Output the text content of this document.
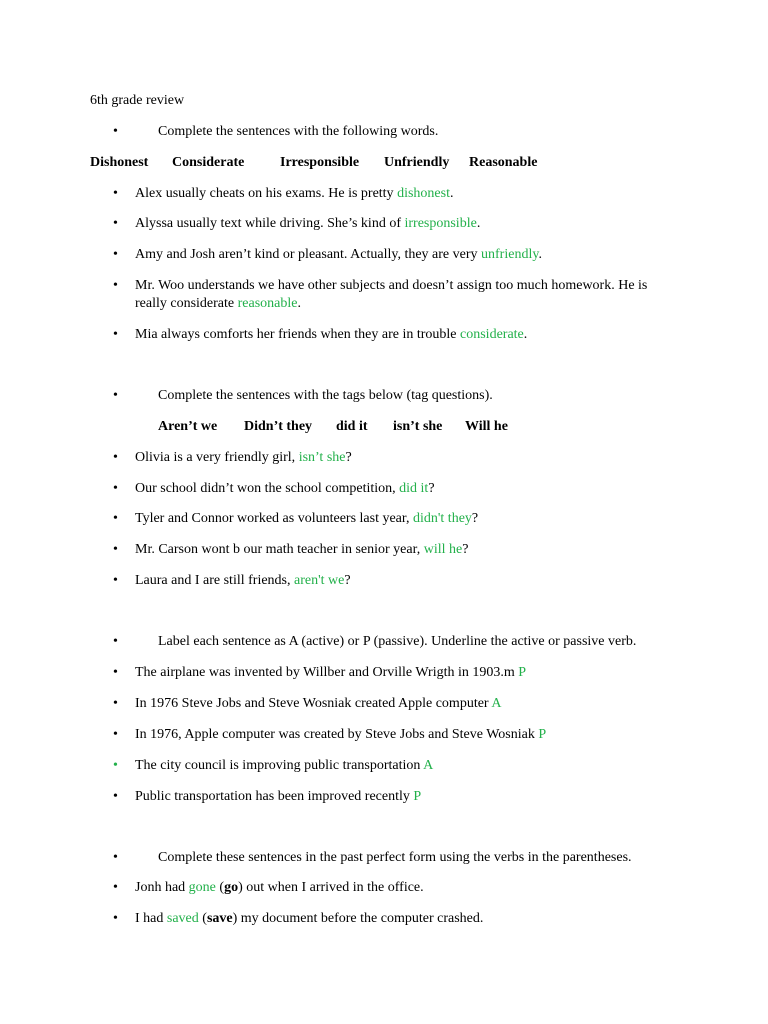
6th grade review
•	Complete the sentences with the following words.
Dishonest Considerate	Irresponsible Unfriendly Reasonable
•	Alex usually cheats on his exams. He is pretty dishonest.
•	Alyssa usually text while driving. She’s kind of irresponsible.
•	Amy and Josh aren’t kind or pleasant. Actually, they are very unfriendly.
•	Mr. Woo understands we have other subjects and doesn’t assign too much homework. He is really considerate reasonable.
•	Mia always comforts her friends when they are in trouble considerate.
•	Complete the sentences with the tags below (tag questions).
Aren’t we Didn’t they did it isn’t she Will he
•	Olivia is a very friendly girl, isn’t she?
•	Our school didn’t won the school competition, did it?
•	Tyler and Connor worked as volunteers last year, didn't they?
•	Mr. Carson wont b our math teacher in senior year, will he?
•	Laura and I are still friends, aren't we?
•	Label each sentence as A (active) or P (passive). Underline the active or passive verb.
•	The airplane was invented by Willber and Orville Wrigth in 1903.m P
•	In 1976 Steve Jobs and Steve Wosniak created Apple computer A
•	In 1976, Apple computer was created by Steve Jobs and Steve Wosniak P
•	The city council is improving public transportation A
•	Public transportation has been improved recently P
•	Complete these sentences in the past perfect form using the verbs in the parentheses.
•	Jonh had gone (go) out when I arrived in the office.
•	I had saved (save) my document before the computer crashed.
